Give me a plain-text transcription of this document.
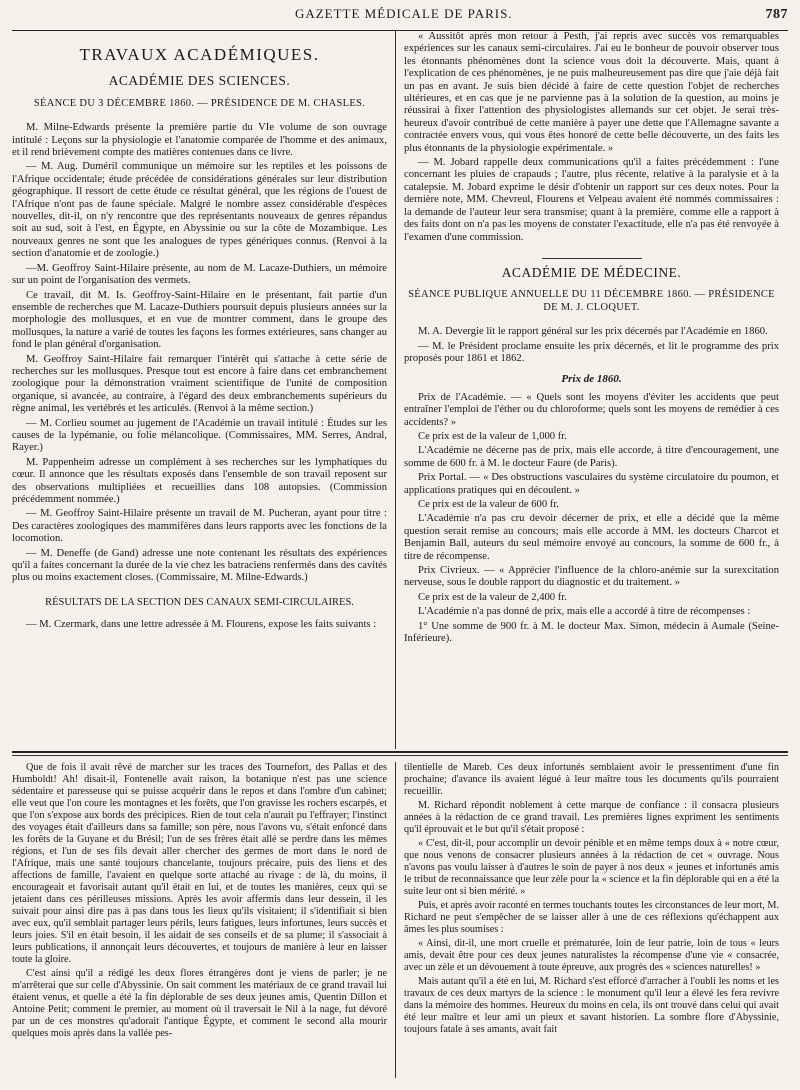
GAZETTE MÉDICALE DE PARIS.	787
TRAVAUX ACADÉMIQUES.
ACADÉMIE DES SCIENCES.
SÉANCE DU 3 DÉCEMBRE 1860. — PRÉSIDENCE DE M. CHASLES.

M. Milne-Edwards présente la première partie du VIe volume de son ouvrage intitulé : Leçons sur la physiologie et l'anatomie comparée de l'homme et des animaux, et il rend brièvement compte des matières contenues dans ce livre.

— M. Aug. Duméril communique un mémoire sur les reptiles et les poissons de l'Afrique occidentale; étude précédée de considérations générales sur leur distribution géographique. Il ressort de cette étude ce résultat général, que les régions de l'ouest de l'Afrique n'ont pas de faune spéciale. Malgré le nombre assez considérable d'espèces nouvelles, dit-il, on n'y rencontre que des représentants nouveaux de genres répandus soit au sud, soit à l'est, en Égypte, en Abyssinie ou sur la côte de Mozambique. Les nouveaux genres ne sont que les analogues de types génériques connus. (Renvoi à la section d'anatomie et de zoologie.)

—M. Geoffroy Saint-Hilaire présente, au nom de M. Lacaze-Duthiers, un mémoire sur un point de l'organisation des vermets.

Ce travail, dit M. Is. Geoffroy-Saint-Hilaire en le présentant, fait partie d'un ensemble de recherches que M. Lacaze-Duthiers poursuit depuis plusieurs années sur la morphologie des mollusques, et en vue de montrer comment, dans le groupe des mollusques, la nature a varié de toutes les façons les formes extérieures, sans changer au fond le plan général d'organisation.

M. Geoffroy Saint-Hilaire fait remarquer l'intérêt qui s'attache à cette série de recherches sur les mollusques. Presque tout est encore à faire dans cet embranchement zoologique pour la démonstration vraiment scientifique de l'unité de composition organique, si avancée, au contraire, à l'égard des deux embranchements supérieurs du règne animal, les vertébrés et les articulés. (Renvoi à la même section.)

— M. Corlieu soumet au jugement de l'Académie un travail intitulé : Études sur les causes de la lypémanie, ou folie mélancolique. (Commissaires, MM. Serres, Andral, Rayer.)

M. Pappenheim adresse un complément à ses recherches sur les lymphatiques du cœur. Il annonce que les résultats exposés dans l'ensemble de son travail reposent sur des observations multipliées et recueillies dans 108 autopsies. (Commission précédemment nommée.)

— M. Geoffroy Saint-Hilaire présente un travail de M. Pucheran, ayant pour titre : Des caractères zoologiques des mammifères dans leurs rapports avec les fonctions de la locomotion.

— M. Deneffe (de Gand) adresse une note contenant les résultats des expériences qu'il a faites concernant la durée de la vie chez les batraciens renfermés dans des cavités plus ou moins exactement closes. (Commissaire, M. Milne-Edwards.)

RÉSULTATS DE LA SECTION DES CANAUX SEMI-CIRCULAIRES.

— M. Czermark, dans une lettre adressée à M. Flourens, expose les faits suivants :

« Aussitôt après mon retour à Pesth, j'ai repris avec succès vos remarquables expériences sur les canaux semi-circulaires. J'ai eu le bonheur de pouvoir observer tous les étonnants phénomènes dont la science vous doit la découverte. Mais, quant à l'explication de ces phénomènes, je ne puis malheureusement pas dire que j'aie déjà fait un pas en avant. Je suis bien décidé à faire de cette question l'objet de recherches ultérieures, et en cas que je ne parvienne pas à la solution de la question, au moins je réussirai à fixer l'attention des physiologistes allemands sur cet objet. Je serai très-heureux d'avoir contribué de cette manière à payer une dette que l'Allemagne savante a contractée envers vous, qui vous êtes honoré de cette belle découverte, un des faits les plus étonnants de la physiologie expérimentale. »

— M. Jobard rappelle deux communications qu'il a faites précédemment : l'une concernant les pluies de crapauds ; l'autre, plus récente, relative à la paralysie et à la catalepsie. M. Jobard exprime le désir d'obtenir un rapport sur ces deux notes. Pour la dernière note, MM. Chevreul, Flourens et Velpeau avaient été nommés commissaires : la demande de l'auteur leur sera transmise; quant à la première, comme elle a rapport à des faits dont on n'a pas les moyens de constater l'exactitude, elle n'a pas été renvoyée à l'examen d'une commission.

ACADÉMIE DE MÉDECINE.
SÉANCE PUBLIQUE ANNUELLE DU 11 DÉCEMBRE 1860. — PRÉSIDENCE DE M. J. CLOQUET.

M. A. Devergie lit le rapport général sur les prix décernés par l'Académie en 1860.

— M. le Président proclame ensuite les prix décernés, et lit le programme des prix proposés pour 1861 et 1862.

Prix de 1860.

Prix de l'Académie. — « Quels sont les moyens d'éviter les accidents que peut entraîner l'emploi de l'éther ou du chloroforme; quels sont les moyens de remédier à ces accidents? »

Ce prix est de la valeur de 1,000 fr.

L'Académie ne décerne pas de prix, mais elle accorde, à titre d'encouragement, une somme de 600 fr. à M. le docteur Faure (de Paris).

Prix Portal. — « Des obstructions vasculaires du système circulatoire du poumon, et applications pratiques qui en découlent. »

Ce prix est de la valeur de 600 fr.

L'Académie n'a pas cru devoir décerner de prix, et elle a décidé que la même question serait remise au concours; mais elle accorde à MM. les docteurs Charcot et Benjamin Ball, auteurs du seul mémoire envoyé au concours, la somme de 600 fr., à titre de récompense.

Prix Civrieux. — « Apprécier l'influence de la chloro-anémie sur la surexcitation nerveuse, sous le double rapport du diagnostic et du traitement. »

Ce prix est de la valeur de 2,400 fr.

L'Académie n'a pas donné de prix, mais elle a accordé à titre de récompenses :

1° Une somme de 900 fr. à M. le docteur Max. Simon, médecin à Aumale (Seine-Inférieure).

Que de fois il avait rêvé de marcher sur les traces des Tournefort, des Pallas et des Humboldt! Ah! disait-il, Fontenelle avait raison, la botanique n'est pas une science sédentaire et paresseuse qui se puisse acquérir dans le repos et dans l'ombre d'un cabinet; elle veut que l'on coure les montagnes et les forêts, que l'on gravisse les rochers escarpés, et que l'on s'expose aux bords des précipices. Rien de tout cela n'aurait pu l'effrayer; l'instinct des voyages était d'ailleurs dans sa famille; son père, nous l'avons vu, s'était enfoncé dans les forêts de la Guyane et du Brésil; l'un de ses frères était allé se perdre dans les mêmes régions, et l'un de ses fils devait aller chercher des germes de mort dans le nord de l'Afrique, mais une santé toujours chancelante, toujours précaire, puis des liens et des affections de famille, l'avaient en quelque sorte attaché au rivage : de là, du moins, il encourageait et favorisait autant qu'il était en lui, et de toutes les manières, ceux qui se jetaient dans ces périlleuses missions. Après les avoir affermis dans leur dessein, il les suivait pour ainsi dire pas à pas dans tous les lieux qu'ils visitaient; il s'identifiait si bien avec eux, qu'il semblait partager leurs périls, leurs fatigues, leurs infortunes, leurs succès et leurs joies. S'il en était besoin, il les aidait de ses conseils et de sa plume; il s'associait à leurs publications, il annonçait leurs découvertes, et toujours de manière à leur en laisser toute la gloire.

C'est ainsi qu'il a rédigé les deux flores étrangères dont je viens de parler; je ne m'arrêterai que sur celle d'Abyssinie. On sait comment les matériaux de ce grand travail lui étaient venus, et quelle a été la fin déplorable de ses deux jeunes amis, Quentin Dillon et Antoine Petit; comment le premier, au moment où il traversait le Nil à la nage, fut dévoré par un de ces monstres qu'adorait l'antique Égypte, et comment le second alla mourir quelques mois après dans la vallée pes-

tilentielle de Mareb. Ces deux infortunés semblaient avoir le pressentiment d'une fin prochaine; d'avance ils avaient légué à leur maître tous les documents qu'ils pourraient recueillir.

M. Richard répondit noblement à cette marque de confiance : il consacra plusieurs années à la rédaction de ce grand travail. Les premières lignes expriment les sentiments qu'il éprouvait et le but qu'il s'était proposé :

« C'est, dit-il, pour accomplir un devoir pénible et en même temps doux à « notre cœur, que nous venons de consacrer plusieurs années à la rédaction de cet « ouvrage. Nous n'avons pas voulu laisser à d'autres le soin de payer à nos deux « jeunes et infortunés amis le tribut de reconnaissance que leur zèle pour la « science et la fin déplorable qui en a été la suite leur ont si bien mérité. »

Puis, et après avoir raconté en termes touchants toutes les circonstances de leur mort, M. Richard ne peut s'empêcher de se laisser aller à une de ces réflexions qu'échappent aux âmes les plus soumises :

« Ainsi, dit-il, une mort cruelle et prématurée, loin de leur patrie, loin de tous « leurs amis, devait être pour ces deux jeunes naturalistes la récompense d'une vie « consacrée, avec un zèle et un dévouement à toute épreuve, aux progrès des « sciences naturelles! »

Mais autant qu'il a été en lui, M. Richard s'est efforcé d'arracher à l'oubli les noms et les travaux de ces deux martyrs de la science : le monument qu'il leur a élevé les fera revivre dans la mémoire des hommes. Heureux du moins en cela, ils ont trouvé dans celui qui avait été leur maître et leur ami un pieux et savant historien. La sombre flore d'Abyssinie, toujours fatale à ses amants, avait fait
